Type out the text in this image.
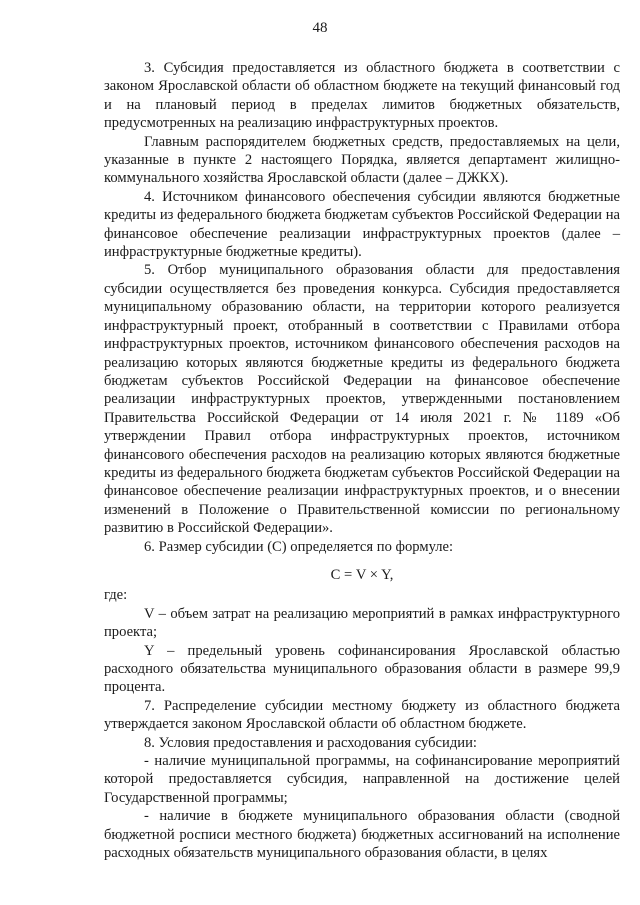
48

3. Субсидия предоставляется из областного бюджета в соответствии с законом Ярославской области об областном бюджете на текущий финансовый год и на плановый период в пределах лимитов бюджетных обязательств, предусмотренных на реализацию инфраструктурных проектов.

Главным распорядителем бюджетных средств, предоставляемых на цели, указанные в пункте 2 настоящего Порядка, является департамент жилищно-коммунального хозяйства Ярославской области (далее – ДЖКХ).

4. Источником финансового обеспечения субсидии являются бюджетные кредиты из федерального бюджета бюджетам субъектов Российской Федерации на финансовое обеспечение реализации инфраструктурных проектов (далее – инфраструктурные бюджетные кредиты).

5. Отбор муниципального образования области для предоставления субсидии осуществляется без проведения конкурса. Субсидия предоставляется муниципальному образованию области, на территории которого реализуется инфраструктурный проект, отобранный в соответствии с Правилами отбора инфраструктурных проектов, источником финансового обеспечения расходов на реализацию которых являются бюджетные кредиты из федерального бюджета бюджетам субъектов Российской Федерации на финансовое обеспечение реализации инфраструктурных проектов, утвержденными постановлением Правительства Российской Федерации от 14 июля 2021 г. № 1189 «Об утверждении Правил отбора инфраструктурных проектов, источником финансового обеспечения расходов на реализацию которых являются бюджетные кредиты из федерального бюджета бюджетам субъектов Российской Федерации на финансовое обеспечение реализации инфраструктурных проектов, и о внесении изменений в Положение о Правительственной комиссии по региональному развитию в Российской Федерации».

6. Размер субсидии (С) определяется по формуле:

С = V × Y,

где:

V – объем затрат на реализацию мероприятий в рамках инфраструктурного проекта;

Y – предельный уровень софинансирования Ярославской областью расходного обязательства муниципального образования области в размере 99,9 процента.

7. Распределение субсидии местному бюджету из областного бюджета утверждается законом Ярославской области об областном бюджете.

8. Условия предоставления и расходования субсидии:

- наличие муниципальной программы, на софинансирование мероприятий которой предоставляется субсидия, направленной на достижение целей Государственной программы;

- наличие в бюджете муниципального образования области (сводной бюджетной росписи местного бюджета) бюджетных ассигнований на исполнение расходных обязательств муниципального образования области, в целях
